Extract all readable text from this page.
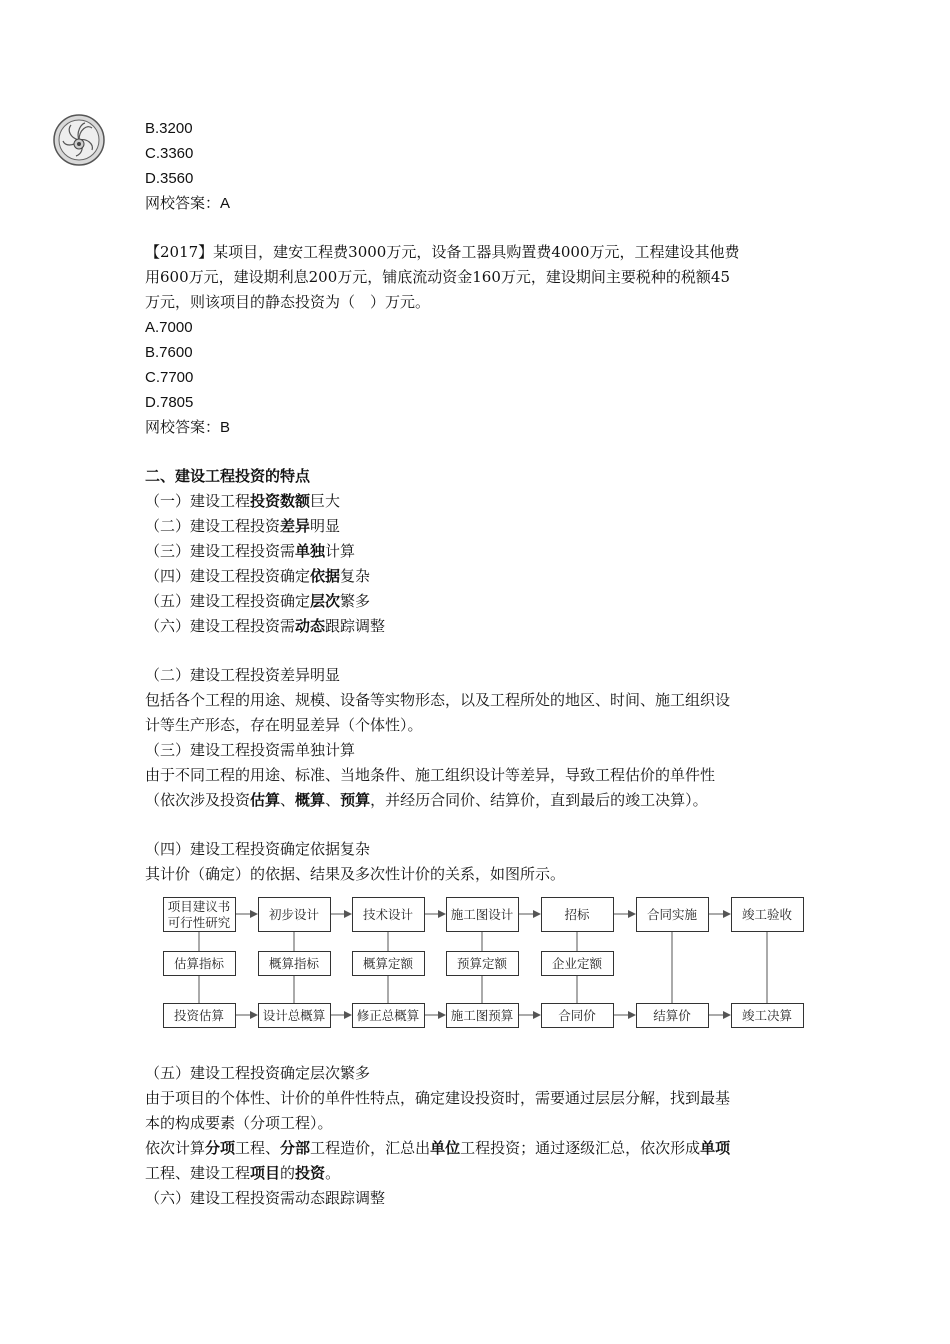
B.3200
C.3360
D.3560
网校答案：A
【2017】某项目，建安工程费3000万元，设备工器具购置费4000万元，工程建设其他费
用600万元，建设期利息200万元，铺底流动资金160万元，建设期间主要税种的税额45
万元，则该项目的静态投资为（　）万元。
A.7000
B.7600
C.7700
D.7805
网校答案：B
二、建设工程投资的特点
（一）建设工程投资数额巨大
（二）建设工程投资差异明显
（三）建设工程投资需单独计算
（四）建设工程投资确定依据复杂
（五）建设工程投资确定层次繁多
（六）建设工程投资需动态跟踪调整
（二）建设工程投资差异明显
包括各个工程的用途、规模、设备等实物形态，以及工程所处的地区、时间、施工组织设
计等生产形态，存在明显差异（个体性）。
（三）建设工程投资需单独计算
由于不同工程的用途、标准、当地条件、施工组织设计等差异，导致工程估价的单件性
（依次涉及投资估算、概算、预算，并经历合同价、结算价，直到最后的竣工决算）。
（四）建设工程投资确定依据复杂
其计价（确定）的依据、结果及多次性计价的关系，如图所示。
项目建议书
可行性研究
初步设计	技术设计	施工图设计	招标	合同实施	竣工验收
估算指标	概算指标	概算定额	预算定额	企业定额
投资估算	设计总概算	修正总概算	施工图预算	合同价	结算价	竣工决算
（五）建设工程投资确定层次繁多
由于项目的个体性、计价的单件性特点，确定建设投资时，需要通过层层分解，找到最基
本的构成要素（分项工程）。
依次计算分项工程、分部工程造价，汇总出单位工程投资；通过逐级汇总，依次形成单项
工程、建设工程项目的投资。
（六）建设工程投资需动态跟踪调整
